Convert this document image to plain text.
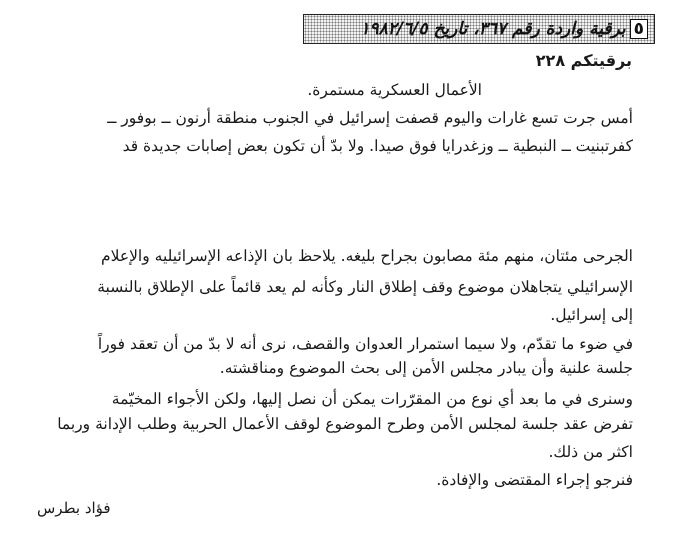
٥برقية واردة رقم ٣٦٧، تاريخ ١٩٨٢/٦/٥
برقيتكم ٢٢٨
الأعمال العسكرية مستمرة.
أمس جرت تسع غارات واليوم قصفت إسرائيل في الجنوب منطقة أرنون ــ بوفور ــ
كفرتبنيت ــ النبطية ــ وزغدرايا فوق صيدا. ولا بدّ أن تكون بعض إصابات جديدة قد
الجرحى مئتان، منهم مئة مصابون بجراح بليغه. يلاحظ بان الإذاعه الإسرائيليه والإعلام
الإسرائيلي يتجاهلان موضوع وقف إطلاق النار وكأنه لم يعد قائماً على الإطلاق بالنسبة
إلى إسرائيل.
في ضوء ما تقدّم، ولا سيما استمرار العدوان والقصف، نرى أنه لا بدّ من أن تعقد فوراً
جلسة علنية وأن يبادر مجلس الأمن إلى بحث الموضوع ومناقشته.
وسنرى في ما بعد أي نوع من المقرّرات يمكن أن نصل إليها، ولكن الأجواء المخيّمة
تفرض عقد جلسة لمجلس الأمن وطرح الموضوع لوقف الأعمال الحربية وطلب الإدانة وربما
اكثر من ذلك.
فنرجو إجراء المقتضى والإفادة.
فؤاد بطرس
